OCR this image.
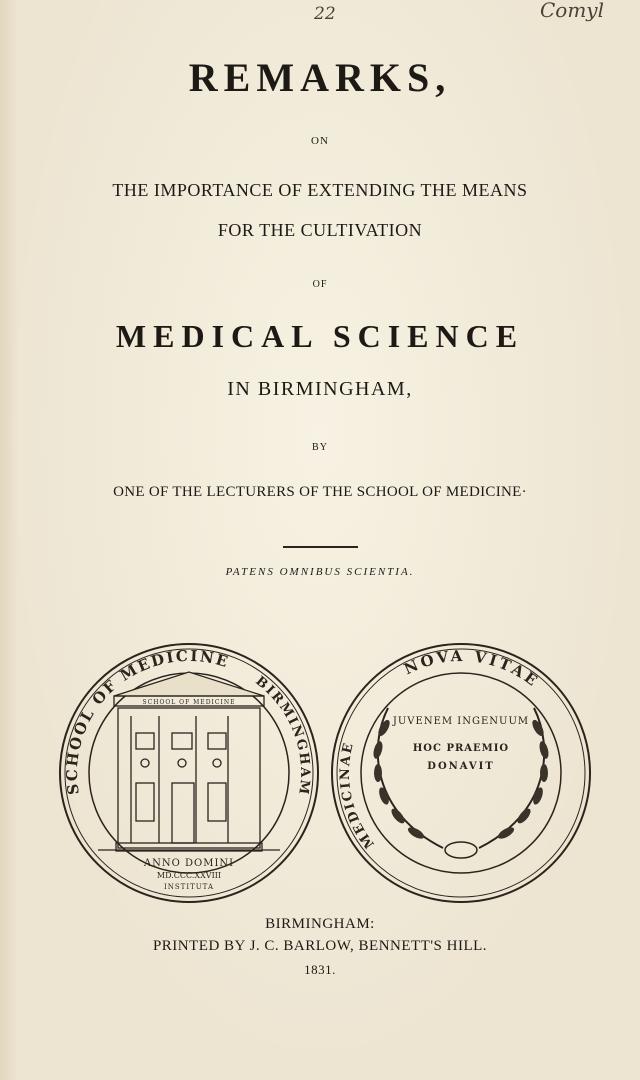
22	Comyl
REMARKS,
ON
THE IMPORTANCE OF EXTENDING THE MEANS
FOR THE CULTIVATION
OF
MEDICAL SCIENCE
IN BIRMINGHAM,
BY
ONE OF THE LECTURERS OF THE SCHOOL OF MEDICINE·
PATENS OMNIBUS SCIENTIA.
SCHOOL OF MEDICINE
BIRMINGHAM
SCHOOL OF MEDICINE
ANNO DOMINI
MD.CCC.XXVIII
INSTITUTA
NOVA VITAE
MEDICINAE
JUVENEM INGENUUM
HOC PRAEMIO
DONAVIT
BIRMINGHAM:
PRINTED BY J. C. BARLOW, BENNETT'S HILL.
1831.
